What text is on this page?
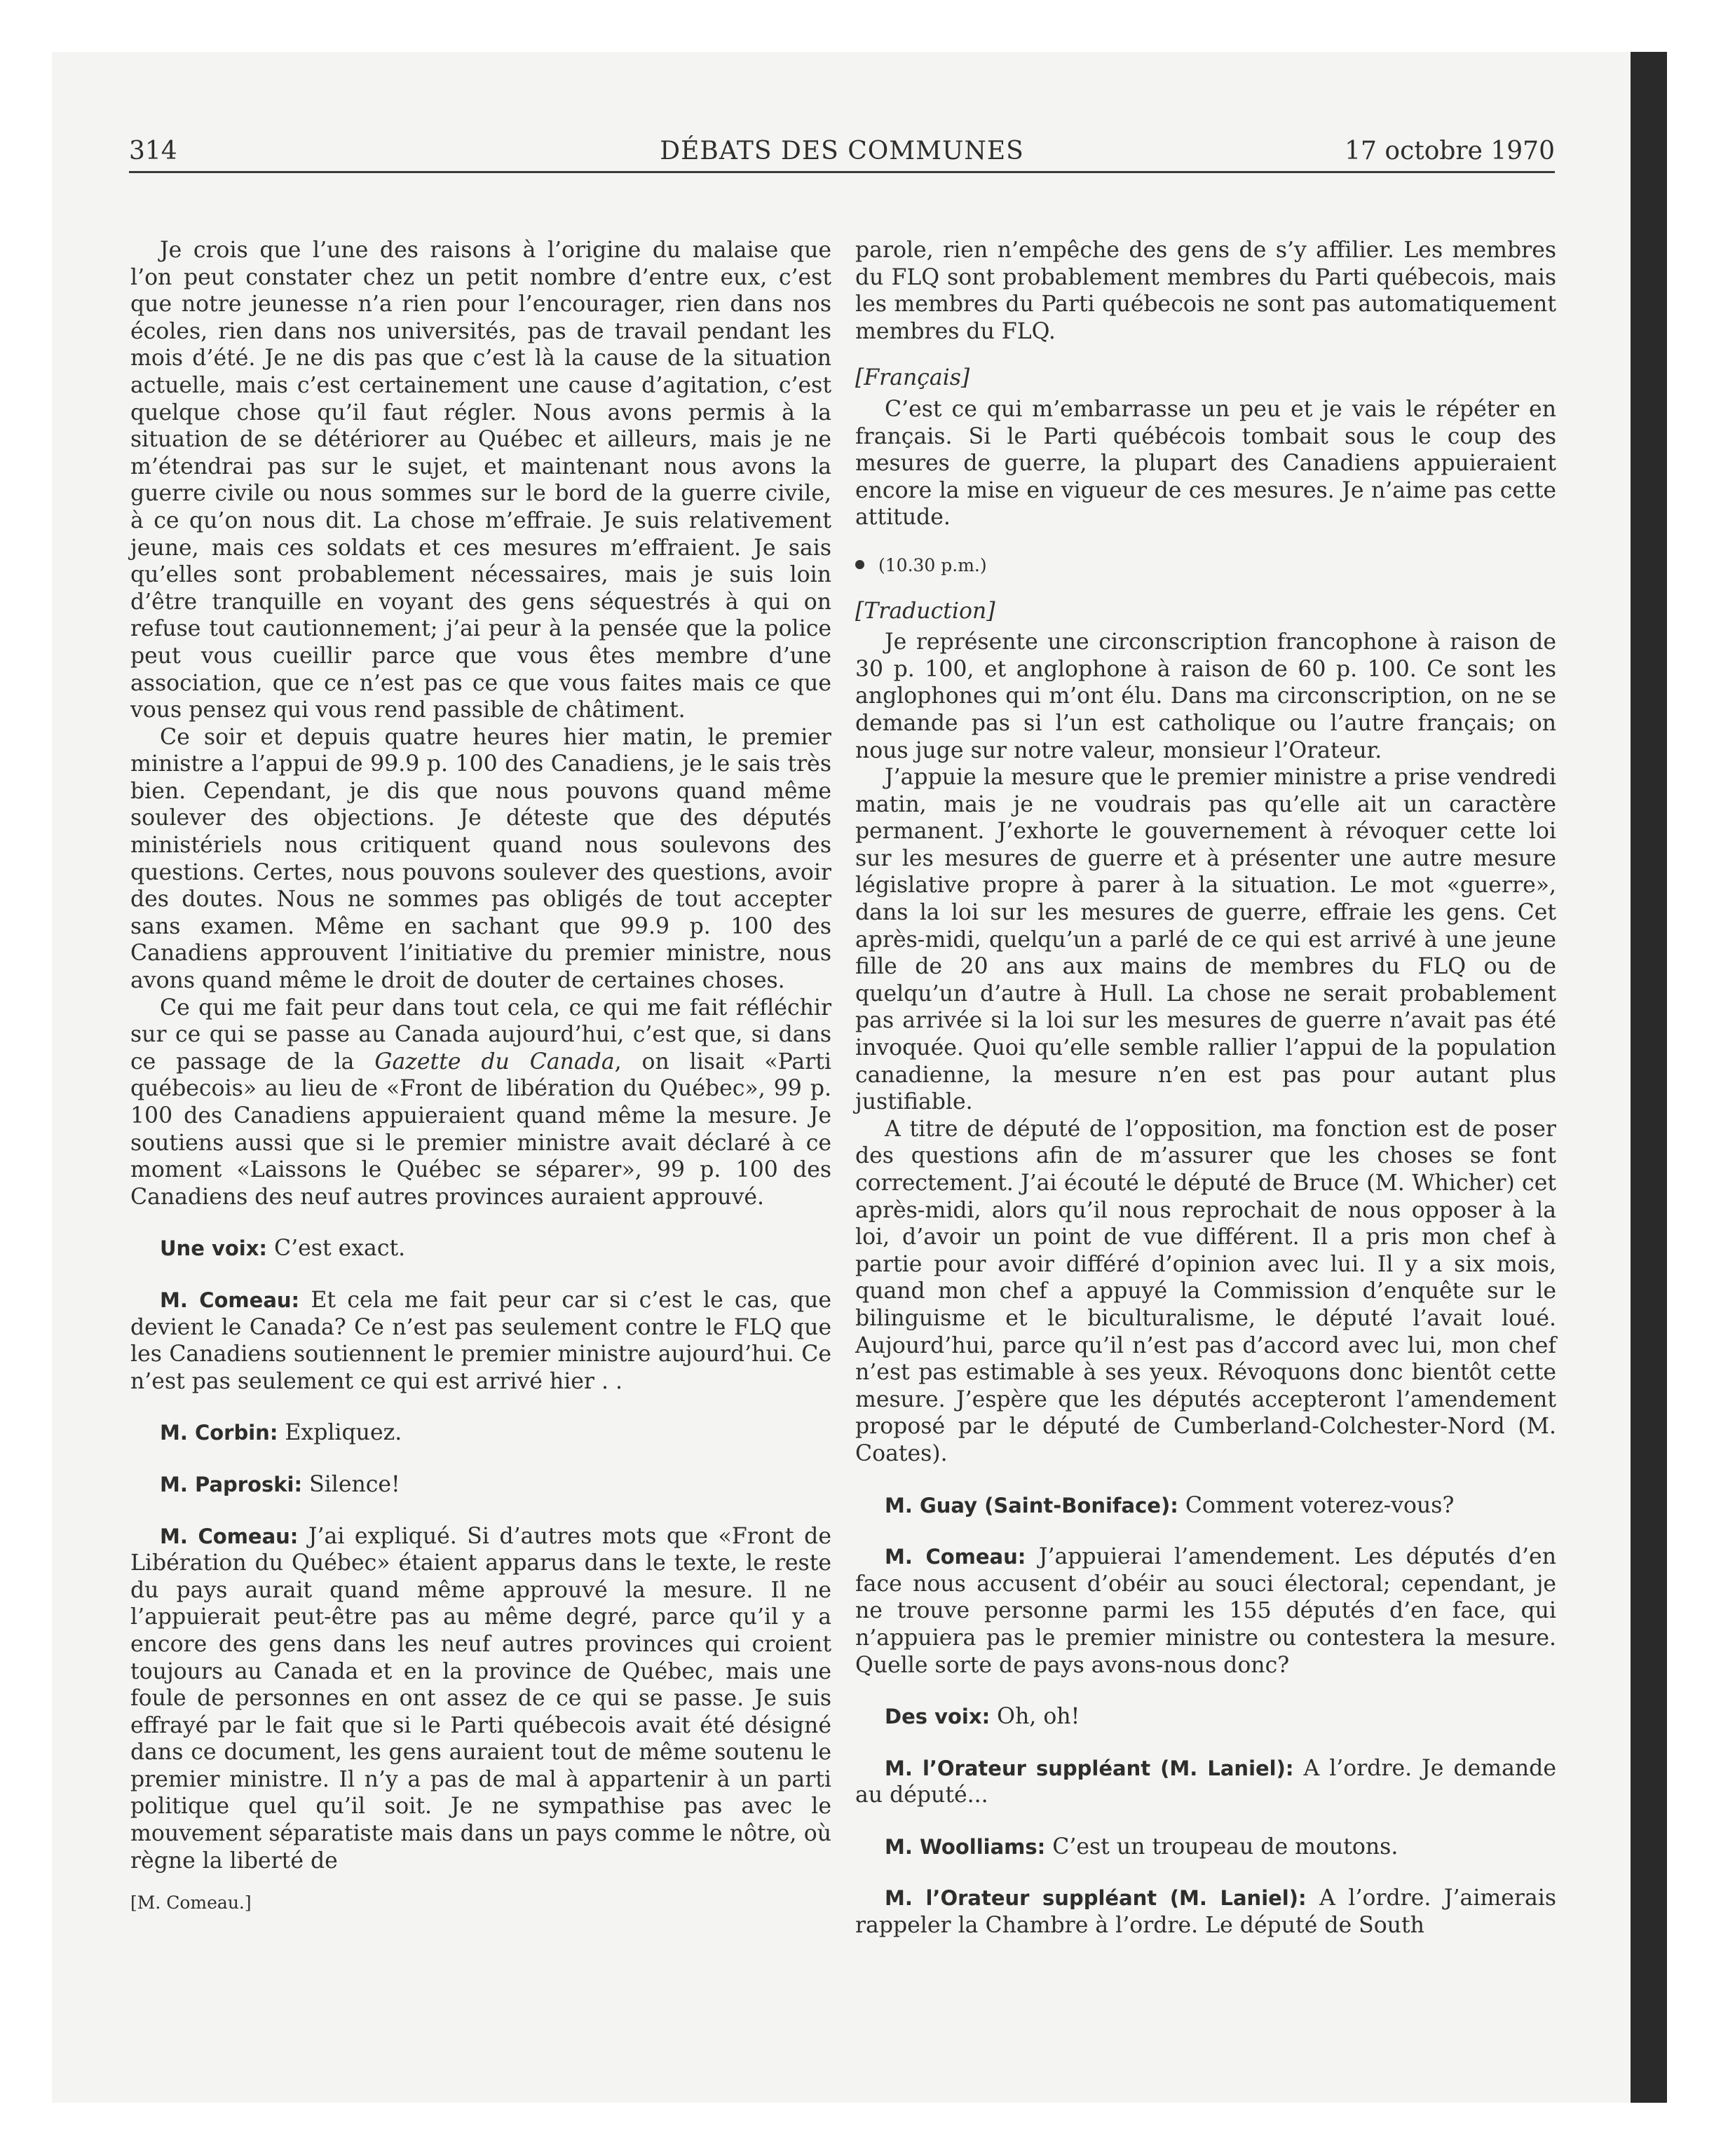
314	DÉBATS DES COMMUNES	17 octobre 1970

Je crois que l’une des raisons à l’origine du malaise que l’on peut constater chez un petit nombre d’entre eux, c’est que notre jeunesse n’a rien pour l’encourager, rien dans nos écoles, rien dans nos universités, pas de travail pendant les mois d’été. Je ne dis pas que c’est là la cause de la situation actuelle, mais c’est certainement une cause d’agitation, c’est quelque chose qu’il faut régler. Nous avons permis à la situation de se détériorer au Québec et ailleurs, mais je ne m’étendrai pas sur le sujet, et maintenant nous avons la guerre civile ou nous sommes sur le bord de la guerre civile, à ce qu’on nous dit. La chose m’effraie. Je suis relativement jeune, mais ces soldats et ces mesures m’effraient. Je sais qu’elles sont probablement nécessaires, mais je suis loin d’être tranquille en voyant des gens séquestrés à qui on refuse tout cautionnement; j’ai peur à la pensée que la police peut vous cueillir parce que vous êtes membre d’une association, que ce n’est pas ce que vous faites mais ce que vous pensez qui vous rend passible de châtiment.

Ce soir et depuis quatre heures hier matin, le premier ministre a l’appui de 99.9 p. 100 des Canadiens, je le sais très bien. Cependant, je dis que nous pouvons quand même soulever des objections. Je déteste que des députés ministériels nous critiquent quand nous soulevons des questions. Certes, nous pouvons soulever des questions, avoir des doutes. Nous ne sommes pas obligés de tout accepter sans examen. Même en sachant que 99.9 p. 100 des Canadiens approuvent l’initiative du premier ministre, nous avons quand même le droit de douter de certaines choses.

Ce qui me fait peur dans tout cela, ce qui me fait réfléchir sur ce qui se passe au Canada aujourd’hui, c’est que, si dans ce passage de la Gazette du Canada, on lisait «Parti québecois» au lieu de «Front de libération du Québec», 99 p. 100 des Canadiens appuieraient quand même la mesure. Je soutiens aussi que si le premier ministre avait déclaré à ce moment «Laissons le Québec se séparer», 99 p. 100 des Canadiens des neuf autres provinces auraient approuvé.

Une voix: C’est exact.

M. Comeau: Et cela me fait peur car si c’est le cas, que devient le Canada? Ce n’est pas seulement contre le FLQ que les Canadiens soutiennent le premier ministre aujourd’hui. Ce n’est pas seulement ce qui est arrivé hier . .

M. Corbin: Expliquez.

M. Paproski: Silence!

M. Comeau: J’ai expliqué. Si d’autres mots que «Front de Libération du Québec» étaient apparus dans le texte, le reste du pays aurait quand même approuvé la mesure. Il ne l’appuierait peut-être pas au même degré, parce qu’il y a encore des gens dans les neuf autres provinces qui croient toujours au Canada et en la province de Québec, mais une foule de personnes en ont assez de ce qui se passe. Je suis effrayé par le fait que si le Parti québecois avait été désigné dans ce document, les gens auraient tout de même soutenu le premier ministre. Il n’y a pas de mal à appartenir à un parti politique quel qu’il soit. Je ne sympathise pas avec le mouvement séparatiste mais dans un pays comme le nôtre, où règne la liberté de

[M. Comeau.]

parole, rien n’empêche des gens de s’y affilier. Les membres du FLQ sont probablement membres du Parti québecois, mais les membres du Parti québecois ne sont pas automatiquement membres du FLQ.

[Français]

C’est ce qui m’embarrasse un peu et je vais le répéter en français. Si le Parti québécois tombait sous le coup des mesures de guerre, la plupart des Canadiens appuieraient encore la mise en vigueur de ces mesures. Je n’aime pas cette attitude.

(10.30 p.m.)

[Traduction]

Je représente une circonscription francophone à raison de 30 p. 100, et anglophone à raison de 60 p. 100. Ce sont les anglophones qui m’ont élu. Dans ma circonscription, on ne se demande pas si l’un est catholique ou l’autre français; on nous juge sur notre valeur, monsieur l’Orateur.

J’appuie la mesure que le premier ministre a prise vendredi matin, mais je ne voudrais pas qu’elle ait un caractère permanent. J’exhorte le gouvernement à révoquer cette loi sur les mesures de guerre et à présenter une autre mesure législative propre à parer à la situation. Le mot «guerre», dans la loi sur les mesures de guerre, effraie les gens. Cet après-midi, quelqu’un a parlé de ce qui est arrivé à une jeune fille de 20 ans aux mains de membres du FLQ ou de quelqu’un d’autre à Hull. La chose ne serait probablement pas arrivée si la loi sur les mesures de guerre n’avait pas été invoquée. Quoi qu’elle semble rallier l’appui de la population canadienne, la mesure n’en est pas pour autant plus justifiable.

A titre de député de l’opposition, ma fonction est de poser des questions afin de m’assurer que les choses se font correctement. J’ai écouté le député de Bruce (M. Whicher) cet après-midi, alors qu’il nous reprochait de nous opposer à la loi, d’avoir un point de vue différent. Il a pris mon chef à partie pour avoir différé d’opinion avec lui. Il y a six mois, quand mon chef a appuyé la Commission d’enquête sur le bilinguisme et le biculturalisme, le député l’avait loué. Aujourd’hui, parce qu’il n’est pas d’accord avec lui, mon chef n’est pas estimable à ses yeux. Révoquons donc bientôt cette mesure. J’espère que les députés accepteront l’amendement proposé par le député de Cumberland-Colchester-Nord (M. Coates).

M. Guay (Saint-Boniface): Comment voterez-vous?

M. Comeau: J’appuierai l’amendement. Les députés d’en face nous accusent d’obéir au souci électoral; cependant, je ne trouve personne parmi les 155 députés d’en face, qui n’appuiera pas le premier ministre ou contestera la mesure. Quelle sorte de pays avons-nous donc?

Des voix: Oh, oh!

M. l’Orateur suppléant (M. Laniel): A l’ordre. Je demande au député...

M. Woolliams: C’est un troupeau de moutons.

M. l’Orateur suppléant (M. Laniel): A l’ordre. J’aimerais rappeler la Chambre à l’ordre. Le député de South
